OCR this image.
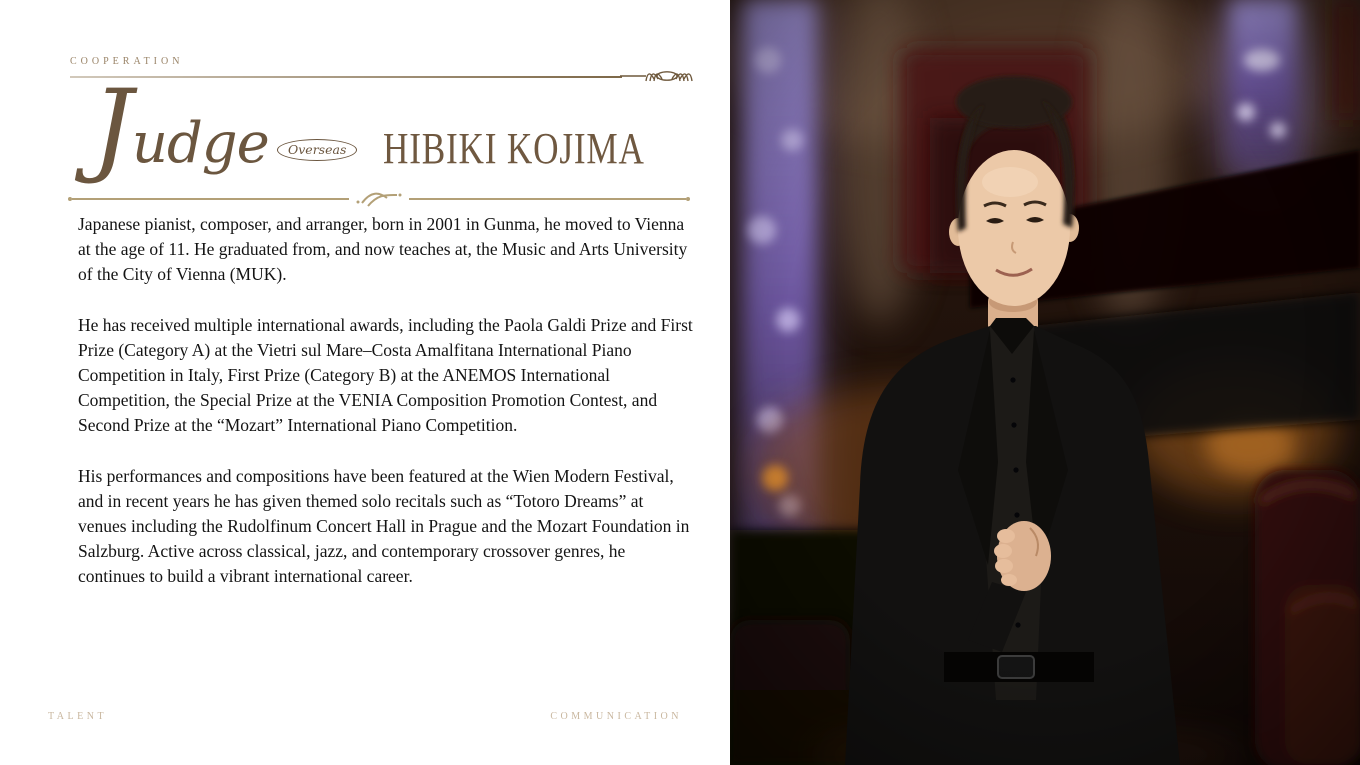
COOPERATION
Judge	Overseas HIBIKI KOJIMA

Japanese pianist, composer, and arranger, born in 2001 in Gunma, he moved to Vienna at the age of 11. He graduated from, and now teaches at, the Music and Arts University of the City of Vienna (MUK).

He has received multiple international awards, including the Paola Galdi Prize and First Prize (Category A) at the Vietri sul Mare–Costa Amalfitana International Piano Competition in Italy, First Prize (Category B) at the ANEMOS International Competition, the Special Prize at the VENIA Composition Promotion Contest, and Second Prize at the “Mozart” International Piano Competition.

His performances and compositions have been featured at the Wien Modern Festival, and in recent years he has given themed solo recitals such as “Totoro Dreams” at venues including the Rudolfinum Concert Hall in Prague and the Mozart Foundation in Salzburg. Active across classical, jazz, and contemporary crossover genres, he continues to build a vibrant international career.

TALENT	COMMUNICATION
